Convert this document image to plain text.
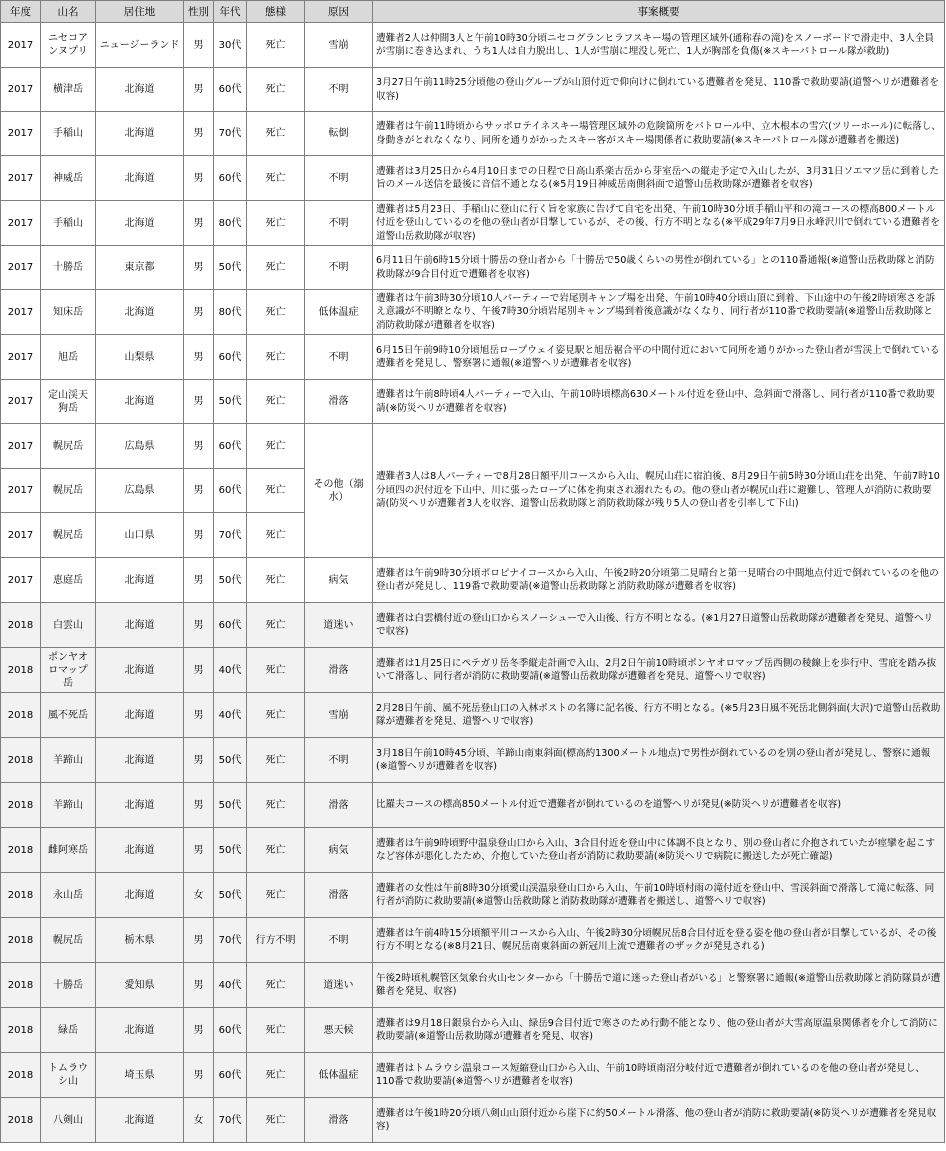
年度	山名	居住地	性別	年代	態様	原因	事案概要
2017	ニセコアンヌプリ	ニュージーランド	男	30代	死亡	雪崩	遭難者2人は仲間3人と午前10時30分頃ニセコグランヒラフスキー場の管理区域外(通称春の滝)をスノーボードで滑走中、3人全員が雪崩に巻き込まれ、うち1人は自力脱出し、1人が雪崩に埋没し死亡、1人が胸部を負傷(※スキーパトロール隊が救助)
2017	横津岳	北海道	男	60代	死亡	不明	3月27日午前11時25分頃他の登山グループが山頂付近で仰向けに倒れている遭難者を発見、110番で救助要請(道警ヘリが遭難者を収容)
2017	手稲山	北海道	男	70代	死亡	転倒	遭難者は午前11時頃からサッポロテイネスキー場管理区域外の危険箇所をパトロール中、立木根本の雪穴(ツリーホール)に転落し、身動きがとれなくなり、同所を通りがかったスキー客がスキー場関係者に救助要請(※スキーパトロール隊が遭難者を搬送)
2017	神威岳	北海道	男	60代	死亡	不明	遭難者は3月25日から4月10日までの日程で日高山系楽古岳から芽室岳への縦走予定で入山したが、3月31日ソエマツ岳に到着した旨のメール送信を最後に音信不通となる(※5月19日神威岳南側斜面で道警山岳救助隊が遭難者を収容)
2017	手稲山	北海道	男	80代	死亡	不明	遭難者は5月23日、手稲山に登山に行く旨を家族に告げて自宅を出発、午前10時30分頃手稲山平和の滝コースの標高800メートル付近を登山しているのを他の登山者が目撃しているが、その後、行方不明となる(※平成29年7月9日永峰沢川で倒れている遭難者を道警山岳救助隊が収容)
2017	十勝岳	東京都	男	50代	死亡	不明	6月11日午前6時15分頃十勝岳の登山者から「十勝岳で50歳くらいの男性が倒れている」との110番通報(※道警山岳救助隊と消防救助隊が9合目付近で遭難者を収容)
2017	知床岳	北海道	男	80代	死亡	低体温症	遭難者は午前3時30分頃10人パーティーで岩尾別キャンプ場を出発、午前10時40分頃山頂に到着、下山途中の午後2時頃寒さを訴え意識が不明瞭となり、午後7時30分頃岩尾別キャンプ場到着後意識がなくなり、同行者が110番で救助要請(※道警山岳救助隊と消防救助隊が遭難者を収容)
2017	旭岳	山梨県	男	60代	死亡	不明	6月15日午前9時10分頃旭岳ロープウェイ姿見駅と旭岳裾合平の中間付近において同所を通りがかった登山者が雪渓上で倒れている遭難者を発見し、警察署に通報(※道警ヘリが遭難者を収容)
2017	定山渓天狗岳	北海道	男	50代	死亡	滑落	遭難者は午前8時頃4人パーティーで入山、午前10時頃標高630メートル付近を登山中、急斜面で滑落し、同行者が110番で救助要請(※防災ヘリが遭難者を収容)
2017	幌尻岳	広島県	男	60代	死亡	その他（溺水）	遭難者3人は8人パーティーで8月28日額平川コースから入山、幌尻山荘に宿泊後、8月29日午前5時30分頃山荘を出発、午前7時10分頃四の沢付近を下山中、川に張ったロープに体を拘束され溺れたもの。他の登山者が幌尻山荘に避難し、管理人が消防に救助要請(防災ヘリが遭難者3人を収容、道警山岳救助隊と消防救助隊が残り5人の登山者を引率して下山)
2017	幌尻岳	広島県	男	60代	死亡		
2017	幌尻岳	山口県	男	70代	死亡		
2017	恵庭岳	北海道	男	50代	死亡	病気	遭難者は午前9時30分頃ポロピナイコースから入山、午後2時20分頃第二見晴台と第一見晴台の中間地点付近で倒れているのを他の登山者が発見し、119番で救助要請(※道警山岳救助隊と消防救助隊が遭難者を収容)
2018	白雲山	北海道	男	60代	死亡	道迷い	遭難者は白雲橋付近の登山口からスノーシューで入山後、行方不明となる。(※1月27日道警山岳救助隊が遭難者を発見、道警ヘリで収容)
2018	ポンヤオロマップ岳	北海道	男	40代	死亡	滑落	遭難者は1月25日にペテガリ岳冬季縦走計画で入山、2月2日午前10時頃ポンヤオロマップ岳西側の稜線上を歩行中、雪庇を踏み抜いて滑落し、同行者が消防に救助要請(※道警山岳救助隊が遭難者を発見、道警ヘリで収容)
2018	風不死岳	北海道	男	40代	死亡	雪崩	2月28日午前、風不死岳登山口の入林ポストの名簿に記名後、行方不明となる。(※5月23日風不死岳北側斜面(大沢)で道警山岳救助隊が遭難者を発見、道警ヘリで収容)
2018	羊蹄山	北海道	男	50代	死亡	不明	3月18日午前10時45分頃、羊蹄山南東斜面(標高約1300メートル地点)で男性が倒れているのを別の登山者が発見し、警察に通報(※道警ヘリが遭難者を収容)
2018	羊蹄山	北海道	男	50代	死亡	滑落	比羅夫コースの標高850メートル付近で遭難者が倒れているのを道警ヘリが発見(※防災ヘリが遭難者を収容)
2018	雌阿寒岳	北海道	男	50代	死亡	病気	遭難者は午前9時頃野中温泉登山口から入山、3合目付近を登山中に体調不良となり、別の登山者に介抱されていたが痙攣を起こすなど容体が悪化したため、介抱していた登山者が消防に救助要請(※防災ヘリで病院に搬送したが死亡確認)
2018	永山岳	北海道	女	50代	死亡	滑落	遭難者の女性は午前8時30分頃愛山渓温泉登山口から入山、午前10時頃村雨の滝付近を登山中、雪渓斜面で滑落して滝に転落、同行者が消防に救助要請(※道警山岳救助隊と消防救助隊が遭難者を搬送し、道警ヘリで収容)
2018	幌尻岳	栃木県	男	70代	行方不明	不明	遭難者は午前4時15分頃額平川コースから入山、午後2時30分頃幌尻岳8合目付近を登る姿を他の登山者が目撃しているが、その後行方不明となる(※8月21日、幌尻岳南東斜面の新冠川上流で遭難者のザックが発見される)
2018	十勝岳	愛知県	男	40代	死亡	道迷い	午後2時頃札幌管区気象台火山センターから「十勝岳で道に迷った登山者がいる」と警察署に通報(※道警山岳救助隊と消防隊員が遭難者を発見、収容)
2018	緑岳	北海道	男	60代	死亡	悪天候	遭難者は9月18日銀泉台から入山、緑岳9合目付近で寒さのため行動不能となり、他の登山者が大雪高原温泉関係者を介して消防に救助要請(※道警山岳救助隊が遭難者を発見、収容)
2018	トムラウシ山	埼玉県	男	60代	死亡	低体温症	遭難者はトムラウシ温泉コース短縮登山口から入山、午前10時頃南沼分岐付近で遭難者が倒れているのを他の登山者が発見し、110番で救助要請(※道警ヘリが遭難者を収容)
2018	八剣山	北海道	女	70代	死亡	滑落	遭難者は午後1時20分頃八剣山山頂付近から崖下に約50メートル滑落、他の登山者が消防に救助要請(※防災ヘリが遭難者を発見収容)
